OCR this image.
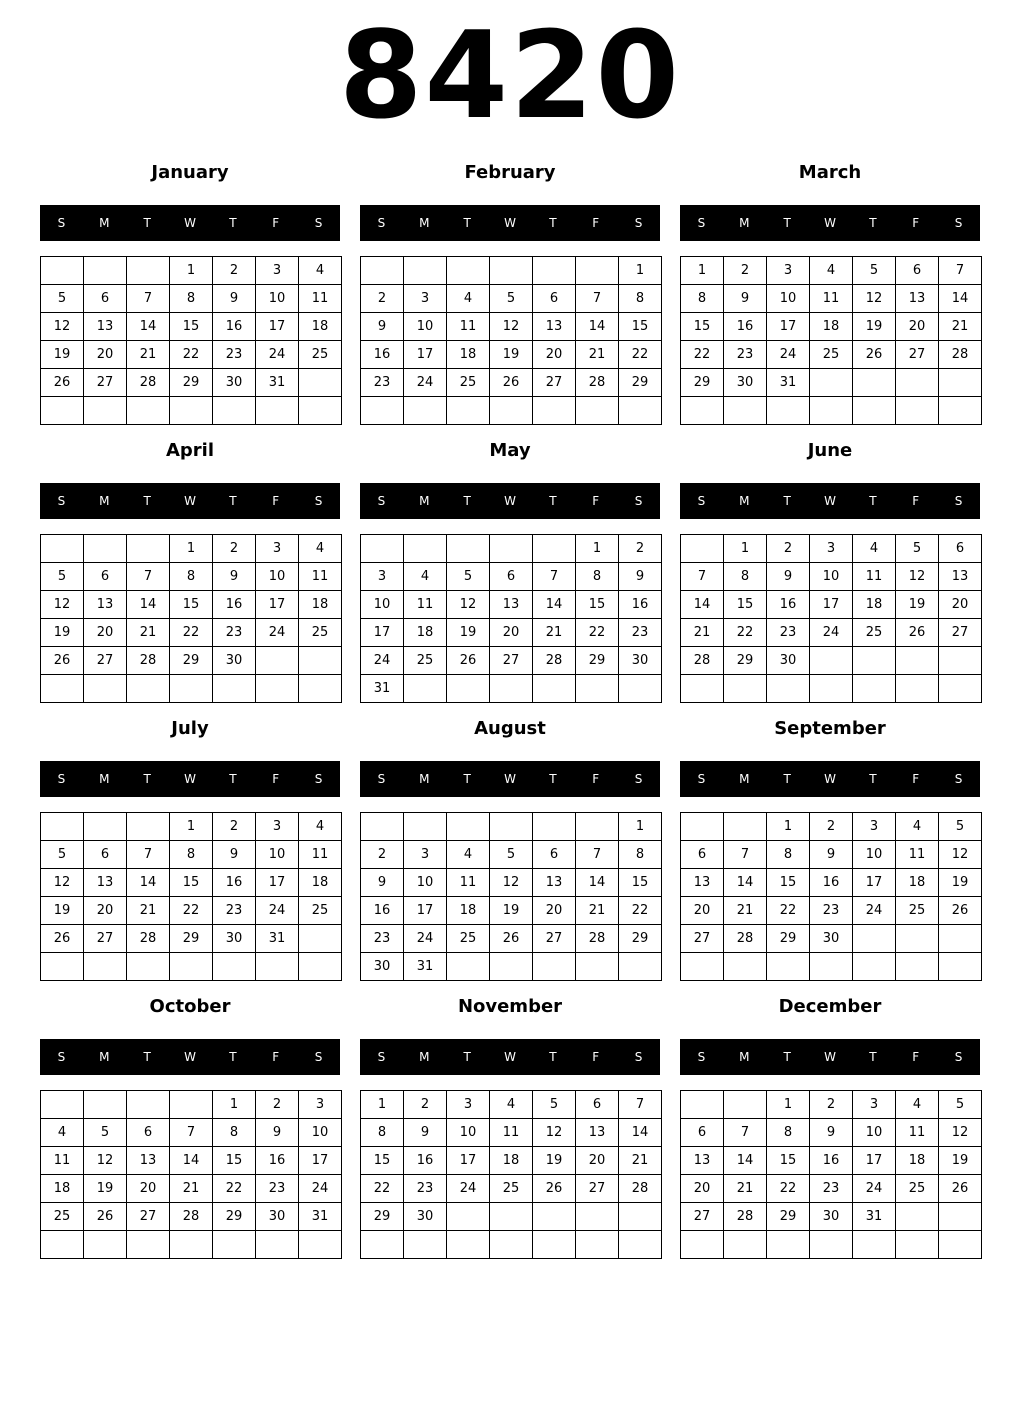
8420
January
S	M	T	W	T	F	S
			1	2	3	4
5	6	7	8	9	10	11
12	13	14	15	16	17	18
19	20	21	22	23	24	25
26	27	28	29	30	31	

February
S	M	T	W	T	F	S
						1
2	3	4	5	6	7	8
9	10	11	12	13	14	15
16	17	18	19	20	21	22
23	24	25	26	27	28	29

March
S	M	T	W	T	F	S
1	2	3	4	5	6	7
8	9	10	11	12	13	14
15	16	17	18	19	20	21
22	23	24	25	26	27	28
29	30	31				

April
S	M	T	W	T	F	S
			1	2	3	4
5	6	7	8	9	10	11
12	13	14	15	16	17	18
19	20	21	22	23	24	25
26	27	28	29	30		

May
S	M	T	W	T	F	S
					1	2
3	4	5	6	7	8	9
10	11	12	13	14	15	16
17	18	19	20	21	22	23
24	25	26	27	28	29	30
31						
June
S	M	T	W	T	F	S
	1	2	3	4	5	6
7	8	9	10	11	12	13
14	15	16	17	18	19	20
21	22	23	24	25	26	27
28	29	30				

July
S	M	T	W	T	F	S
			1	2	3	4
5	6	7	8	9	10	11
12	13	14	15	16	17	18
19	20	21	22	23	24	25
26	27	28	29	30	31	

August
S	M	T	W	T	F	S
						1
2	3	4	5	6	7	8
9	10	11	12	13	14	15
16	17	18	19	20	21	22
23	24	25	26	27	28	29
30	31					
September
S	M	T	W	T	F	S
		1	2	3	4	5
6	7	8	9	10	11	12
13	14	15	16	17	18	19
20	21	22	23	24	25	26
27	28	29	30			

October
S	M	T	W	T	F	S
				1	2	3
4	5	6	7	8	9	10
11	12	13	14	15	16	17
18	19	20	21	22	23	24
25	26	27	28	29	30	31

November
S	M	T	W	T	F	S
1	2	3	4	5	6	7
8	9	10	11	12	13	14
15	16	17	18	19	20	21
22	23	24	25	26	27	28
29	30					

December
S	M	T	W	T	F	S
		1	2	3	4	5
6	7	8	9	10	11	12
13	14	15	16	17	18	19
20	21	22	23	24	25	26
27	28	29	30	31		
